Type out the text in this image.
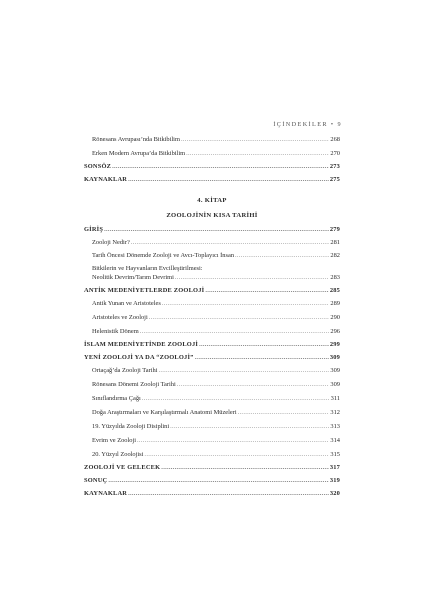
İÇİNDEKİLER • 9
Rönesans Avrupası’nda Bitkibilim .....	268
Erken Modern Avrupa’da Bitkibilim .....	270
SONSÖZ .....	273
KAYNAKLAR .....	275
4. KİTAP
ZOOLOJİNİN KISA TARİHİ
GİRİŞ .....	279
Zooloji Nedir? .....	281
Tarih Öncesi Dönemde Zooloji ve Avcı-Toplayıcı İnsan .....	282
Bitkilerin ve Hayvanların Evcilleştirilmesi:
Neolitik Devrim/Tarım Devrimi .....	283
ANTİK MEDENİYETLERDE ZOOLOJİ .....	285
Antik Yunan ve Aristoteles .....	289
Aristoteles ve Zooloji .....	290
Helenistik Dönem .....	296
İSLAM MEDENİYETİNDE ZOOLOJİ .....	299
YENİ ZOOLOJİ YA DA “ZOOLOJİ” .....	309
Ortaçağ’da Zooloji Tarihi .....	309
Rönesans Dönemi Zooloji Tarihi .....	309
Sınıflandırma Çağı .....	311
Doğa Araştırmaları ve Karşılaştırmalı Anatomi Müzeleri .....	312
19. Yüzyılda Zooloji Disiplini .....	313
Evrim ve Zooloji .....	314
20. Yüzyıl Zoolojisi .....	315
ZOOLOJİ VE GELECEK .....	317
SONUÇ .....	319
KAYNAKLAR .....	320
